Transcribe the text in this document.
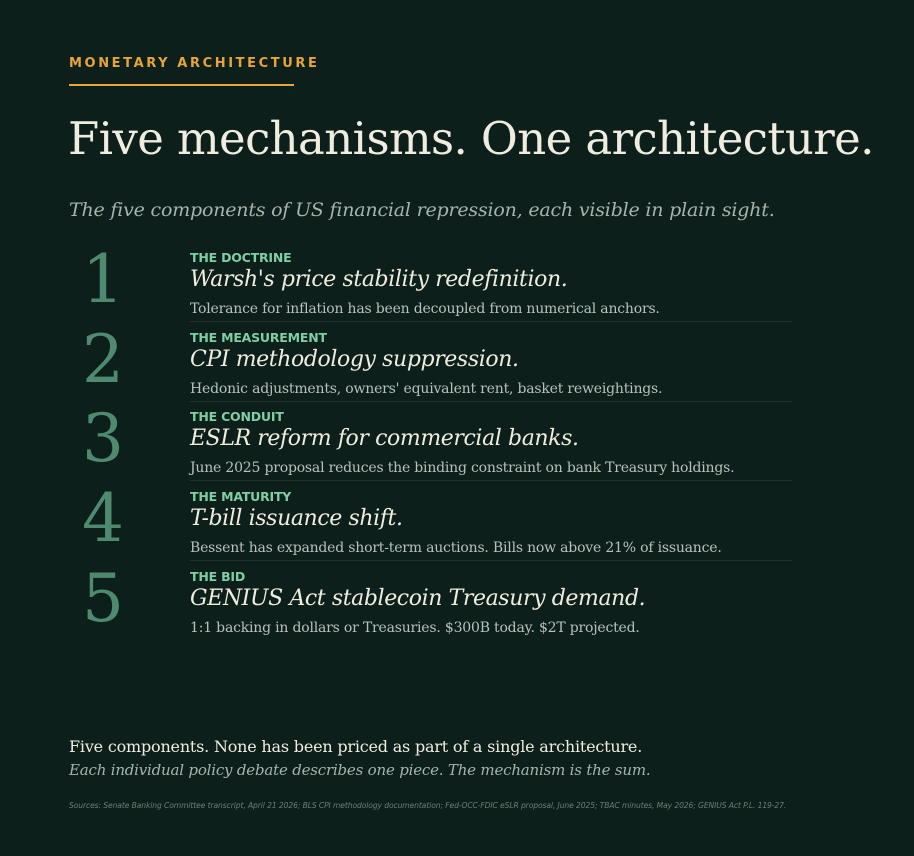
MONETARY ARCHITECTURE
Five mechanisms. One architecture.
The five components of US financial repression, each visible in plain sight.
1	THE DOCTRINE
Warsh's price stability redefinition.
Tolerance for inflation has been decoupled from numerical anchors.
2	THE MEASUREMENT
CPI methodology suppression.
Hedonic adjustments, owners' equivalent rent, basket reweightings.
3	THE CONDUIT
ESLR reform for commercial banks.
June 2025 proposal reduces the binding constraint on bank Treasury holdings.
4	THE MATURITY
T-bill issuance shift.
Bessent has expanded short-term auctions. Bills now above 21% of issuance.
5	THE BID
GENIUS Act stablecoin Treasury demand.
1:1 backing in dollars or Treasuries. $300B today. $2T projected.
Five components. None has been priced as part of a single architecture.
Each individual policy debate describes one piece. The mechanism is the sum.
Sources: Senate Banking Committee transcript, April 21 2026; BLS CPI methodology documentation; Fed-OCC-FDIC eSLR proposal, June 2025; TBAC minutes, May 2026; GENIUS Act P.L. 119-27.
